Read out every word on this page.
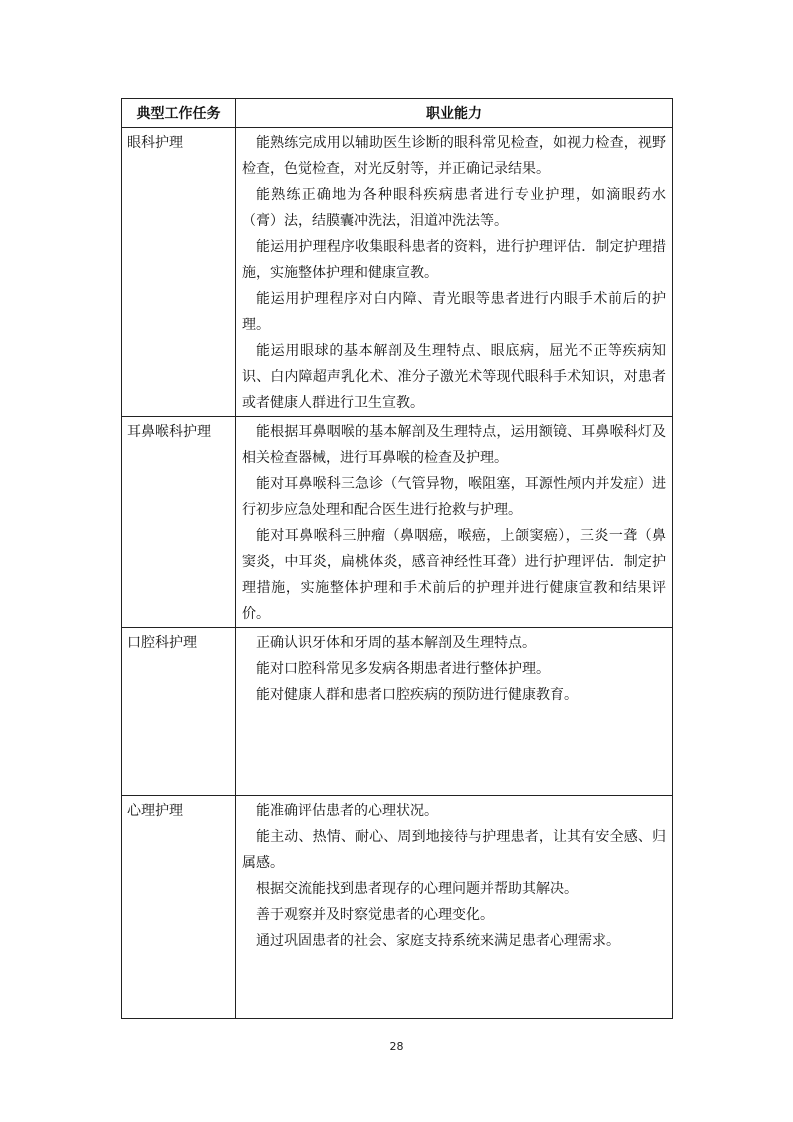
典型工作任务	职业能力
眼科护理	能熟练完成用以辅助医生诊断的眼科常见检查，如视力检查，视野检查，色觉检查，对光反射等，并正确记录结果。

能熟练正确地为各种眼科疾病患者进行专业护理，如滴眼药水（膏）法，结膜囊冲洗法，泪道冲洗法等。

能运用护理程序收集眼科患者的资料，进行护理评估．制定护理措施，实施整体护理和健康宣教。

能运用护理程序对白内障、青光眼等患者进行内眼手术前后的护理。

能运用眼球的基本解剖及生理特点、眼底病，屈光不正等疾病知识、白内障超声乳化术、准分子激光术等现代眼科手术知识，对患者或者健康人群进行卫生宣教。

耳鼻喉科护理	能根据耳鼻咽喉的基本解剖及生理特点，运用额镜、耳鼻喉科灯及相关检查器械，进行耳鼻喉的检查及护理。

能对耳鼻喉科三急诊（气管异物，喉阻塞，耳源性颅内并发症）进行初步应急处理和配合医生进行抢救与护理。

能对耳鼻喉科三肿瘤（鼻咽癌，喉癌，上颌窦癌），三炎一聋（鼻窦炎，中耳炎，扁桃体炎，感音神经性耳聋）进行护理评估．制定护理措施，实施整体护理和手术前后的护理并进行健康宣教和结果评价。

口腔科护理	正确认识牙体和牙周的基本解剖及生理特点。

能对口腔科常见多发病各期患者进行整体护理。

能对健康人群和患者口腔疾病的预防进行健康教育。

心理护理	能准确评估患者的心理状况。

能主动、热情、耐心、周到地接待与护理患者，让其有安全感、归属感。

根据交流能找到患者现存的心理问题并帮助其解决。

善于观察并及时察觉患者的心理变化。

通过巩固患者的社会、家庭支持系统来满足患者心理需求。

28
